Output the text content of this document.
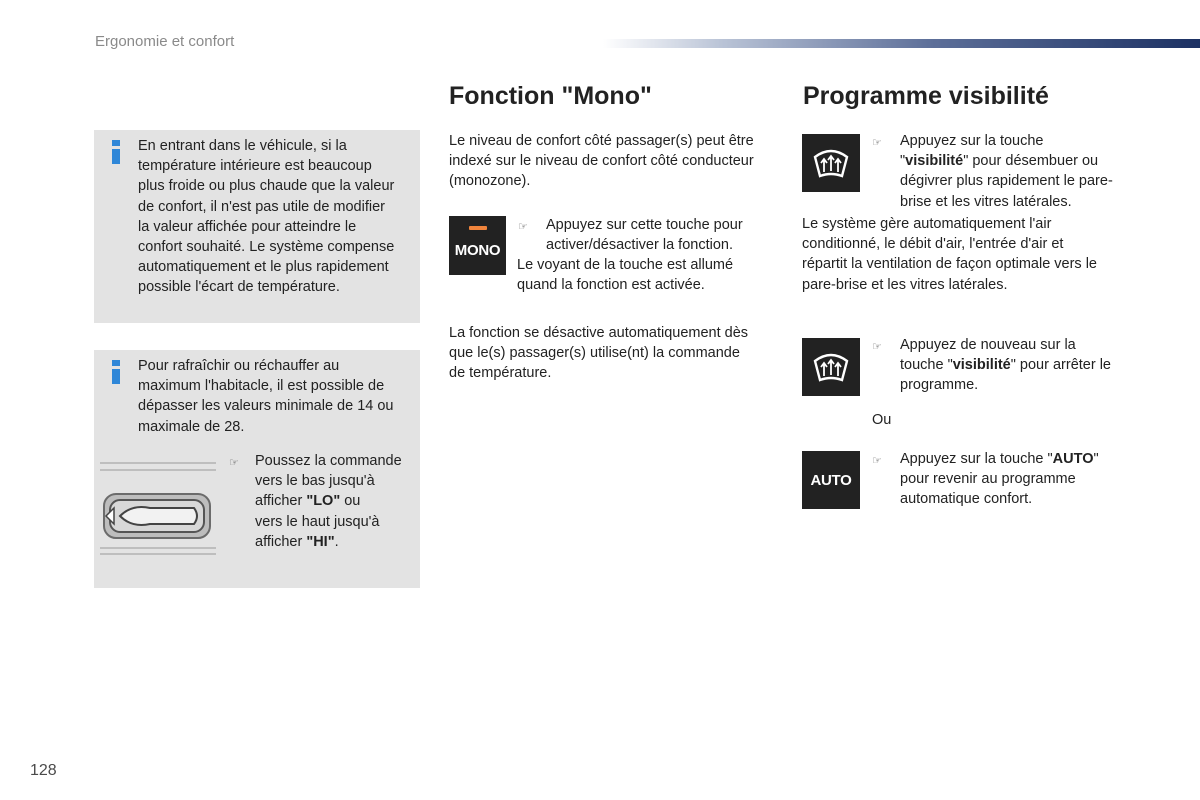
Ergonomie et confort
En entrant dans le véhicule, si la
température intérieure est beaucoup
plus froide ou plus chaude que la valeur
de confort, il n'est pas utile de modifier
la valeur affichée pour atteindre le
confort souhaité. Le système compense
automatiquement et le plus rapidement
possible l'écart de température.
Pour rafraîchir ou réchauffer au
maximum l'habitacle, il est possible de
dépasser les valeurs minimale de 14 ou
maximale de 28.
☞ Poussez la commande
vers le bas jusqu'à
afficher "LO" ou
vers le haut jusqu'à
afficher "HI".
Fonction "Mono"
Le niveau de confort côté passager(s) peut être
indexé sur le niveau de confort côté conducteur
(monozone).
MONO
☞ Appuyez sur cette touche pour
activer/désactiver la fonction.
Le voyant de la touche est allumé
quand la fonction est activée.
La fonction se désactive automatiquement dès
que le(s) passager(s) utilise(nt) la commande
de température.
Programme visibilité
☞ Appuyez sur la touche
"visibilité" pour désembuer ou
dégivrer plus rapidement le pare-
brise et les vitres latérales.
Le système gère automatiquement l'air
conditionné, le débit d'air, l'entrée d'air et
répartit la ventilation de façon optimale vers le
pare-brise et les vitres latérales.
☞ Appuyez de nouveau sur la
touche "visibilité" pour arrêter le
programme.
Ou
AUTO
☞ Appuyez sur la touche "AUTO"
pour revenir au programme
automatique confort.
128
